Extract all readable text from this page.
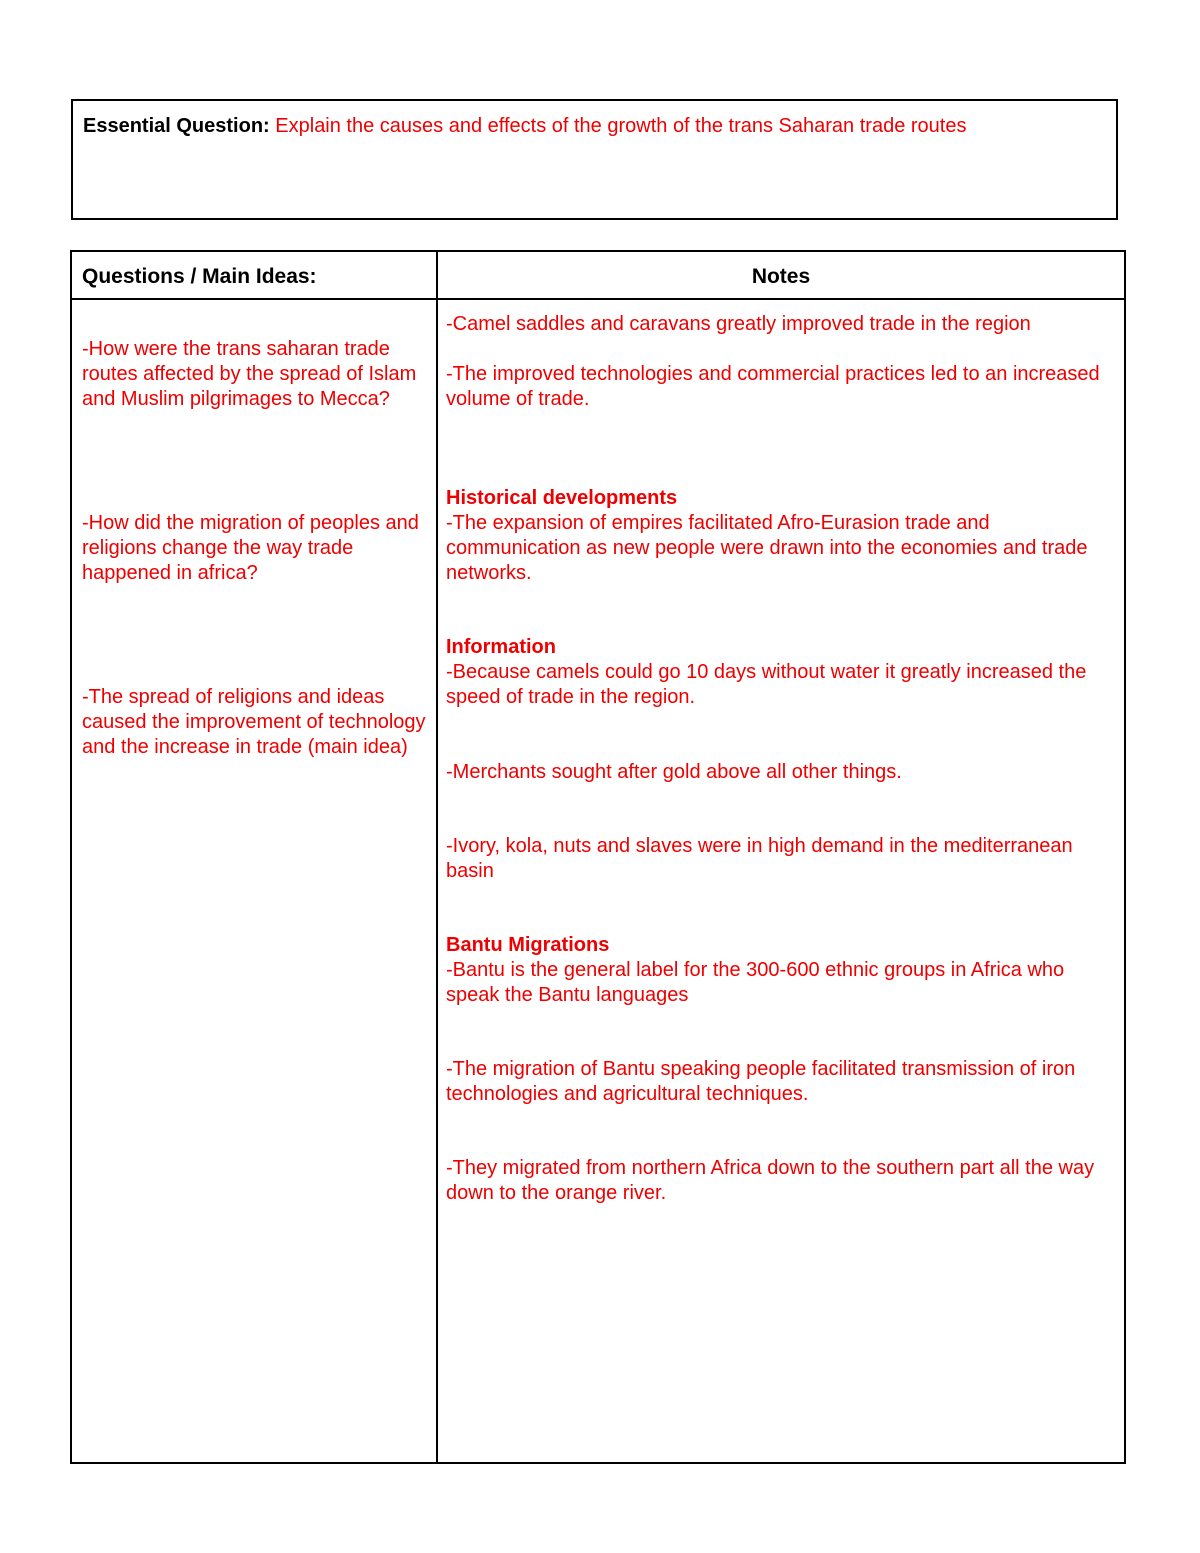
Essential Question: Explain the causes and effects of the growth of the trans Saharan trade routes
Questions / Main Ideas:	Notes
-How were the trans saharan trade routes affected by the spread of Islam and Muslim pilgrimages to Mecca?
-How did the migration of peoples and religions change the way trade happened in africa?
-The spread of religions and ideas caused the improvement of technology and the increase in trade (main idea)
-Camel saddles and caravans greatly improved trade in the region
-The improved technologies and commercial practices led to an increased volume of trade.
Historical developments
-The expansion of empires facilitated Afro-Eurasion trade and communication as new people were drawn into the economies and trade networks.
Information
-Because camels could go 10 days without water it greatly increased the speed of trade in the region.
-Merchants sought after gold above all other things.
-Ivory, kola, nuts and slaves were in high demand in the mediterranean basin
Bantu Migrations
-Bantu is the general label for the 300-600 ethnic groups in Africa who speak the Bantu languages
-The migration of Bantu speaking people facilitated transmission of iron technologies and agricultural techniques.
-They migrated from northern Africa down to the southern part all the way down to the orange river.
